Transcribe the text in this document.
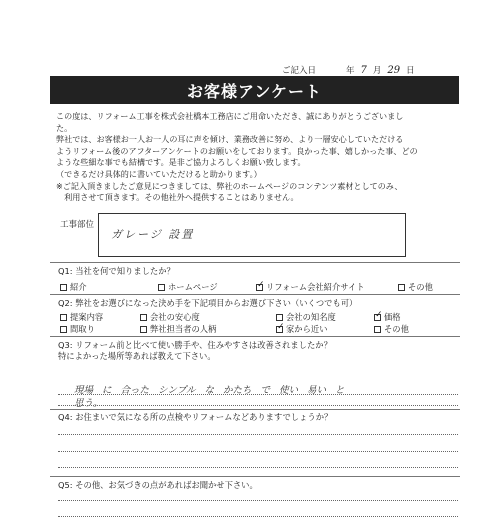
ご記入日	年 7 月 29 日
お客様アンケート
この度は、リフォーム工事を株式会社橋本工務店にご用命いただき、誠にありがとうございまし
た。
弊社では、お客様お一人お一人の耳に声を傾け、業務改善に努め、より一層安心していただける
ようリフォーム後のアフターアンケートのお願いをしております。良かった事、嬉しかった事、どの
ような些細な事でも結構です。是非ご協力よろしくお願い致します。
（できるだけ具体的に書いていただけると助かります。）
※ご記入頂きましたご意見につきましては、弊社のホームページのコンテンツ素材としてのみ、
　利用させて頂きます。その他社外へ提供することはありません。
工事部位
ガレージ 設置
Q1: 当社を何で知りましたか？
紹介	ホームページ ✓	リフォーム会社紹介サイト	その他
Q2: 弊社をお選びになった決め手を下記項目からお選び下さい（いくつでも可）
提案内容	会社の安心度	会社の知名度 ✓	価格
間取り	弊社担当者の人柄 ✓	家から近い	その他
Q3: リフォーム前と比べて使い勝手や、住みやすさは改善されましたか？
特によかった場所等あれば教えて下さい。
現場 に 合った シンプル な かたち で 使い 易い と
思う。
Q4: お住まいで気になる所の点検やリフォームなどありますでしょうか？
Q5: その他、お気づきの点があればお聞かせ下さい。
